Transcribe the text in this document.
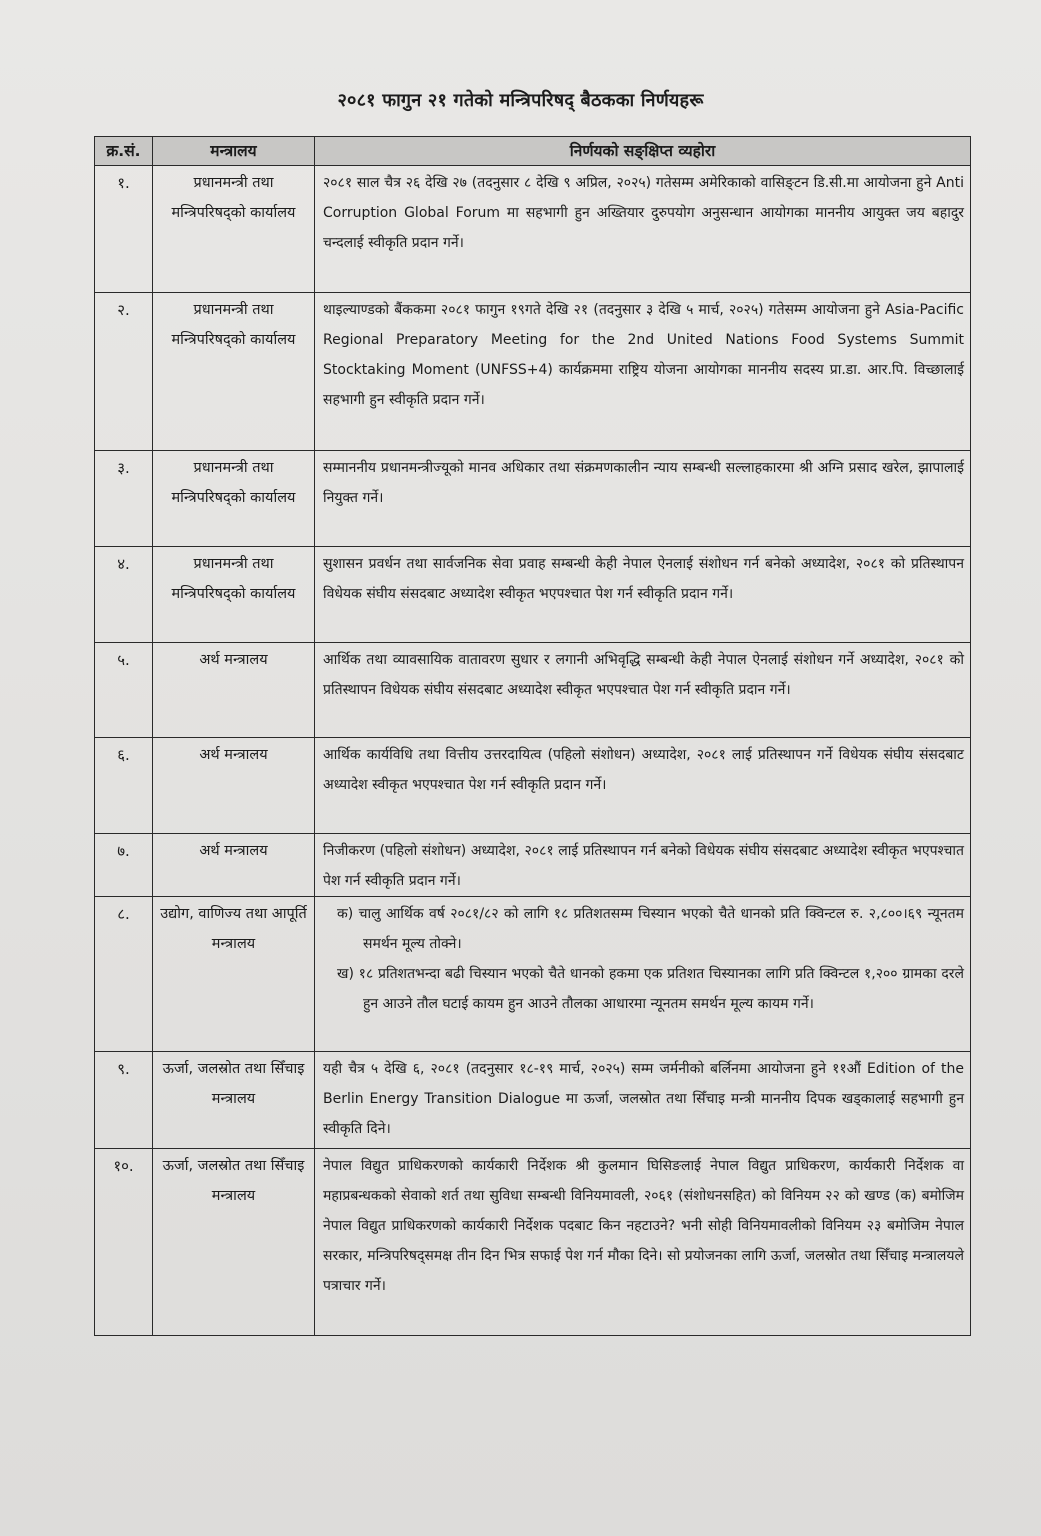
२०८१ फागुन २१ गतेको मन्त्रिपरिषद् बैठकका निर्णयहरू
क्र.सं.	मन्त्रालय	निर्णयको सङ्क्षिप्त व्यहोरा
१.	प्रधानमन्त्री तथा मन्त्रिपरिषद्को कार्यालय	२०८१ साल चैत्र २६ देखि २७ (तदनुसार ८ देखि ९ अप्रिल, २०२५) गतेसम्म अमेरिकाको वासिङ्टन डि.सी.मा आयोजना हुने Anti Corruption Global Forum मा सहभागी हुन अख्तियार दुरुपयोग अनुसन्धान आयोगका माननीय आयुक्त जय बहादुर चन्दलाई स्वीकृति प्रदान गर्ने।
२.	प्रधानमन्त्री तथा मन्त्रिपरिषद्को कार्यालय	थाइल्याण्डको बैंककमा २०८१ फागुन १९गते देखि २१ (तदनुसार ३ देखि ५ मार्च, २०२५) गतेसम्म आयोजना हुने Asia-Pacific Regional Preparatory Meeting for the 2nd United Nations Food Systems Summit Stocktaking Moment (UNFSS+4) कार्यक्रममा राष्ट्रिय योजना आयोगका माननीय सदस्य प्रा.डा. आर.पि. विच्छालाई सहभागी हुन स्वीकृति प्रदान गर्ने।
३.	प्रधानमन्त्री तथा मन्त्रिपरिषद्को कार्यालय	सम्माननीय प्रधानमन्त्रीज्यूको मानव अधिकार तथा संक्रमणकालीन न्याय सम्बन्धी सल्लाहकारमा श्री अग्नि प्रसाद खरेल, झापालाई नियुक्त गर्ने।
४.	प्रधानमन्त्री तथा मन्त्रिपरिषद्को कार्यालय	सुशासन प्रवर्धन तथा सार्वजनिक सेवा प्रवाह सम्बन्धी केही नेपाल ऐनलाई संशोधन गर्न बनेको अध्यादेश, २०८१ को प्रतिस्थापन विधेयक संघीय संसदबाट अध्यादेश स्वीकृत भएपश्चात पेश गर्न स्वीकृति प्रदान गर्ने।
५.	अर्थ मन्त्रालय	आर्थिक तथा व्यावसायिक वातावरण सुधार र लगानी अभिवृद्धि सम्बन्धी केही नेपाल ऐनलाई संशोधन गर्ने अध्यादेश, २०८१ को प्रतिस्थापन विधेयक संघीय संसदबाट अध्यादेश स्वीकृत भएपश्चात पेश गर्न स्वीकृति प्रदान गर्ने।
६.	अर्थ मन्त्रालय	आर्थिक कार्यविधि तथा वित्तीय उत्तरदायित्व (पहिलो संशोधन) अध्यादेश, २०८१ लाई प्रतिस्थापन गर्ने विधेयक संघीय संसदबाट अध्यादेश स्वीकृत भएपश्चात पेश गर्न स्वीकृति प्रदान गर्ने।
७.	अर्थ मन्त्रालय	निजीकरण (पहिलो संशोधन) अध्यादेश, २०८१ लाई प्रतिस्थापन गर्न बनेको विधेयक संघीय संसदबाट अध्यादेश स्वीकृत भएपश्चात पेश गर्न स्वीकृति प्रदान गर्ने।
८.	उद्योग, वाणिज्य तथा आपूर्ति मन्त्रालय	क) चालु आर्थिक वर्ष २०८१/८२ को लागि १८ प्रतिशतसम्म चिस्यान भएको चैते धानको प्रति क्विन्टल रु. २,८००।६९ न्यूनतम समर्थन मूल्य तोक्ने।
ख) १८ प्रतिशतभन्दा बढी चिस्यान भएको चैते धानको हकमा एक प्रतिशत चिस्यानका लागि प्रति क्विन्टल १,२०० ग्रामका दरले हुन आउने तौल घटाई कायम हुन आउने तौलका आधारमा न्यूनतम समर्थन मूल्य कायम गर्ने।

९.	ऊर्जा, जलस्रोत तथा सिँचाइ मन्त्रालय	यही चैत्र ५ देखि ६, २०८१ (तदनुसार १८-१९ मार्च, २०२५) सम्म जर्मनीको बर्लिनमा आयोजना हुने ११औं Edition of the Berlin Energy Transition Dialogue मा ऊर्जा, जलस्रोत तथा सिँचाइ मन्त्री माननीय दिपक खड्कालाई सहभागी हुन स्वीकृति दिने।
१०.	ऊर्जा, जलस्रोत तथा सिँचाइ मन्त्रालय	नेपाल विद्युत प्राधिकरणको कार्यकारी निर्देशक श्री कुलमान घिसिङलाई नेपाल विद्युत प्राधिकरण, कार्यकारी निर्देशक वा महाप्रबन्धकको सेवाको शर्त तथा सुविधा सम्बन्धी विनियमावली, २०६१ (संशोधनसहित) को विनियम २२ को खण्ड (क) बमोजिम नेपाल विद्युत प्राधिकरणको कार्यकारी निर्देशक पदबाट किन नहटाउने? भनी सोही विनियमावलीको विनियम २३ बमोजिम नेपाल सरकार, मन्त्रिपरिषद्समक्ष तीन दिन भित्र सफाई पेश गर्न मौका दिने। सो प्रयोजनका लागि ऊर्जा, जलस्रोत तथा सिँचाइ मन्त्रालयले पत्राचार गर्ने।
